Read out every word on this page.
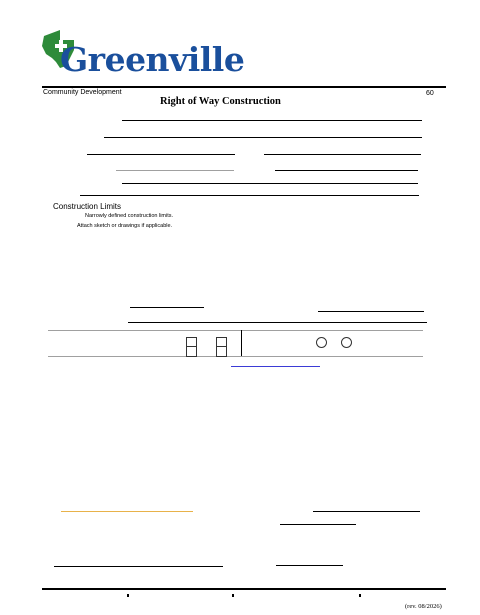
Greenville
Community Development	60
Right of Way Construction
Construction Limits
Narrowly defined construction limits.
Attach sketch or drawings if applicable.
(rev. 08/2026)
